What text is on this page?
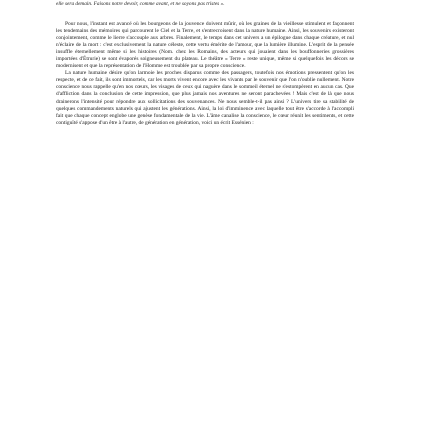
elle sera demain. Faisons notre devoir, comme avant, et ne soyons pas tristes ».

Pour nous, l'instant est avancé où les bourgeons de la jouvence doivent mûrir, où les graines de la vieillesse stimulent et façonnent les tendemains des mémoires qui parcourent le Ciel et la Terre, et s'entrecroisent dans la nature humaine. Ainsi, les souvenirs existeront conjointement, comme le lierre s'accouple aux arbres. Finalement, le temps dans cet univers a un épilogue dans chaque créature, et nul n'éclaire de la mort : c'est exclusivement la nature céleste, cette vertu émérite de l'amour, que la lumière illumine. L'esprit de la pensée insuffle éternellement même si les histoires (Nom. chez les Romains, des acteurs qui jouaient dans les bouffonneries grossières importées d'Étrurie) se sont évaporés soigneusement du plateau. Le théâtre « Terre » reste unique, même si quelquefois les décors se modernisent et que la représentation de l'Homme est troublée par sa propre conscience.

La nature humaine désire qu'on larmoie les proches disparus comme des passagers, toutefois nos émotions pressentent qu'on les respecte, et de ce fait, ils sont immortels, car les morts vivent encore avec les vivants par le souvenir que l'on n'oublie nullement. Notre conscience nous rappelle qu'en nos cœurs, les visages de ceux qui naguère dans le sommeil éternel ne s'estompèrent en aucun cas. Que d'affliction dans la conclusion de cette impression, que plus jamais nos aventures ne seront parachevées ! Mais c'est de là que nous drainerons l'intensité pour répondre aux sollicitations des souvenances. Ne nous semble-t-il pas ainsi ? L'univers tire sa stabilité de quelques commandements naturels qui ajustent les générations. Ainsi, la loi d'imminence avec laquelle tout être s'accorde à l'accompli fait que chaque concept englobe une genèse fondamentale de la vie. L'âme canalise la conscience, le cœur réunit les sentiments, et cette contiguïté s'appose d'un être à l'autre, de génération en génération, voici un écrit Essénien :
